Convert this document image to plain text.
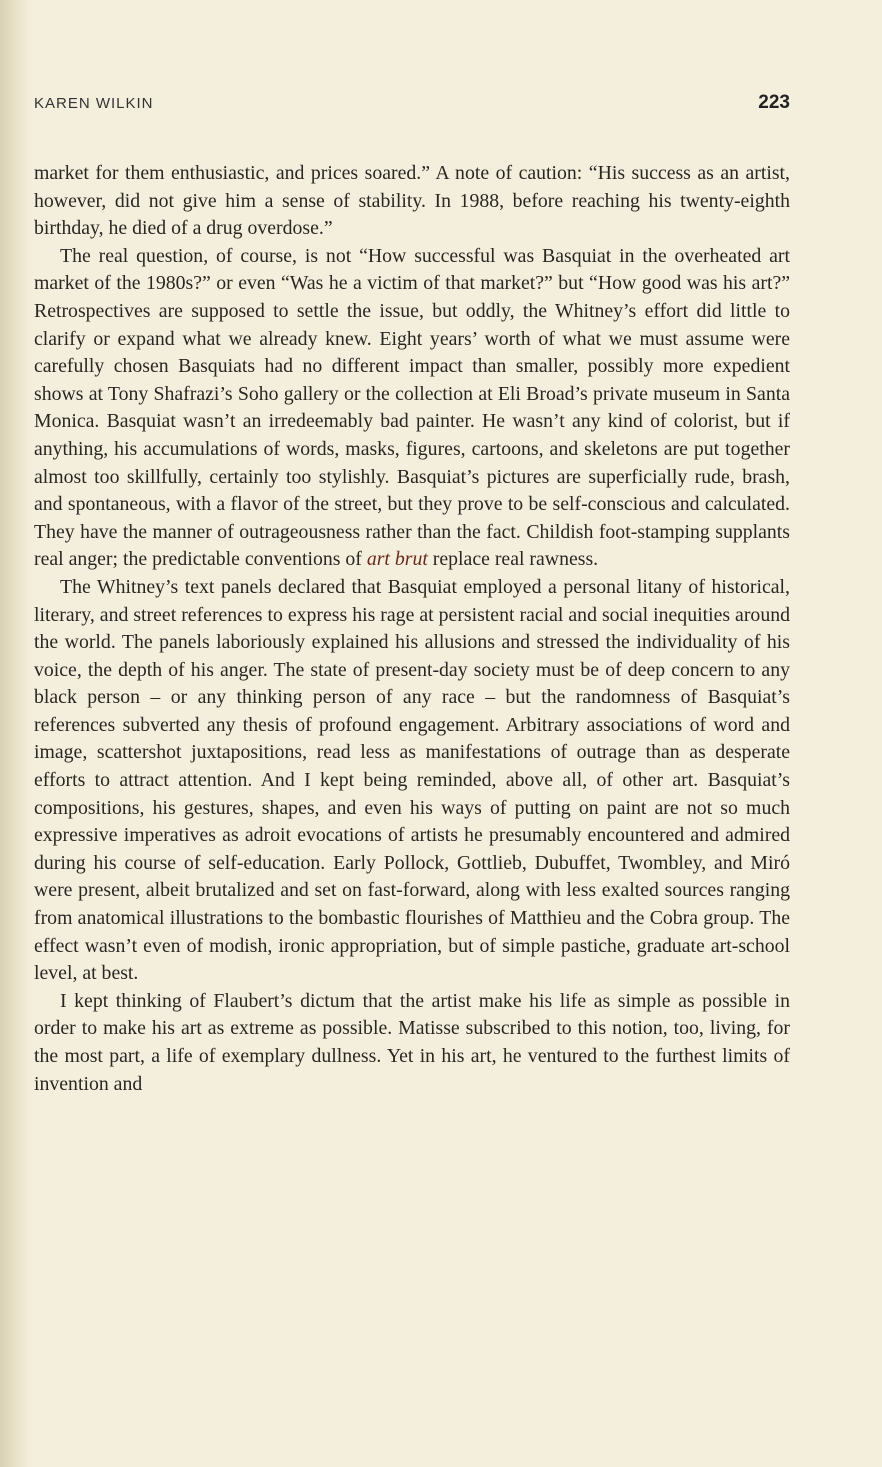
KAREN WILKIN	223

market for them enthusiastic, and prices soared.” A note of caution: “His success as an artist, however, did not give him a sense of stability. In 1988, before reaching his twenty-eighth birthday, he died of a drug overdose.”

The real question, of course, is not “How successful was Basquiat in the overheated art market of the 1980s?” or even “Was he a victim of that market?” but “How good was his art?” Retrospectives are supposed to settle the issue, but oddly, the Whitney’s effort did little to clarify or expand what we already knew. Eight years’ worth of what we must assume were carefully chosen Basquiats had no different impact than smaller, possibly more expedient shows at Tony Shafrazi’s Soho gallery or the collection at Eli Broad’s private museum in Santa Monica. Basquiat wasn’t an irredeemably bad painter. He wasn’t any kind of colorist, but if anything, his accumulations of words, masks, figures, cartoons, and skeletons are put together almost too skillfully, certainly too stylishly. Basquiat’s pictures are superficially rude, brash, and spontaneous, with a flavor of the street, but they prove to be self-conscious and calculated. They have the manner of outrageousness rather than the fact. Childish foot-stamping supplants real anger; the predictable conventions of art brut replace real rawness.

The Whitney’s text panels declared that Basquiat employed a personal litany of historical, literary, and street references to express his rage at persistent racial and social inequities around the world. The panels laboriously explained his allusions and stressed the individuality of his voice, the depth of his anger. The state of present-day society must be of deep concern to any black person – or any thinking person of any race – but the randomness of Basquiat’s references subverted any thesis of profound engagement. Arbitrary associations of word and image, scattershot juxtapositions, read less as manifestations of outrage than as desperate efforts to attract attention. And I kept being reminded, above all, of other art. Basquiat’s compositions, his gestures, shapes, and even his ways of putting on paint are not so much expressive imperatives as adroit evocations of artists he presumably encountered and admired during his course of self-education. Early Pollock, Gottlieb, Dubuffet, Twombley, and Miró were present, albeit brutalized and set on fast-forward, along with less exalted sources ranging from anatomical illustrations to the bombastic flourishes of Matthieu and the Cobra group. The effect wasn’t even of modish, ironic appropriation, but of simple pastiche, graduate art-school level, at best.

I kept thinking of Flaubert’s dictum that the artist make his life as simple as possible in order to make his art as extreme as possible. Matisse subscribed to this notion, too, living, for the most part, a life of exemplary dullness. Yet in his art, he ventured to the furthest limits of invention and
